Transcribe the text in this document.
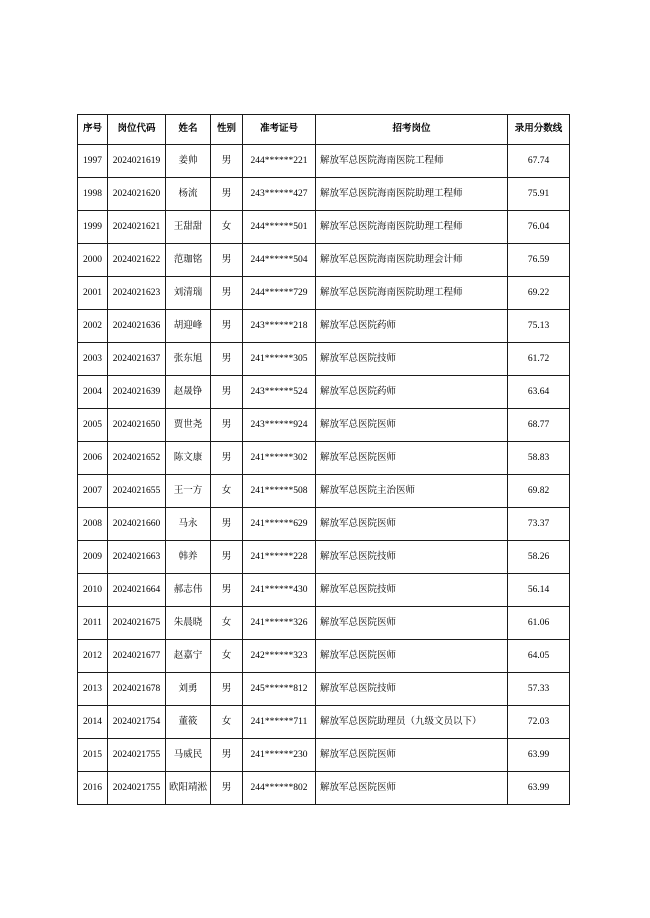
序号	岗位代码	姓名	性别	准考证号	招考岗位	录用分数线
1997	2024021619	姜帅	男	244******221	解放军总医院海南医院工程师	67.74
1998	2024021620	杨流	男	243******427	解放军总医院海南医院助理工程师	75.91
1999	2024021621	王甜甜	女	244******501	解放军总医院海南医院助理工程师	76.04
2000	2024021622	范珈铭	男	244******504	解放军总医院海南医院助理会计师	76.59
2001	2024021623	刘清瑞	男	244******729	解放军总医院海南医院助理工程师	69.22
2002	2024021636	胡迎峰	男	243******218	解放军总医院药师	75.13
2003	2024021637	张东旭	男	241******305	解放军总医院技师	61.72
2004	2024021639	赵晟铮	男	243******524	解放军总医院药师	63.64
2005	2024021650	贾世尧	男	243******924	解放军总医院医师	68.77
2006	2024021652	陈文康	男	241******302	解放军总医院医师	58.83
2007	2024021655	王一方	女	241******508	解放军总医院主治医师	69.82
2008	2024021660	马永	男	241******629	解放军总医院医师	73.37
2009	2024021663	韩养	男	241******228	解放军总医院技师	58.26
2010	2024021664	郝志伟	男	241******430	解放军总医院技师	56.14
2011	2024021675	朱晨晓	女	241******326	解放军总医院医师	61.06
2012	2024021677	赵嘉宁	女	242******323	解放军总医院医师	64.05
2013	2024021678	刘勇	男	245******812	解放军总医院技师	57.33
2014	2024021754	董筱	女	241******711	解放军总医院助理员（九级文员以下）	72.03
2015	2024021755	马威民	男	241******230	解放军总医院医师	63.99
2016	2024021755	欧阳靖淞	男	244******802	解放军总医院医师	63.99
